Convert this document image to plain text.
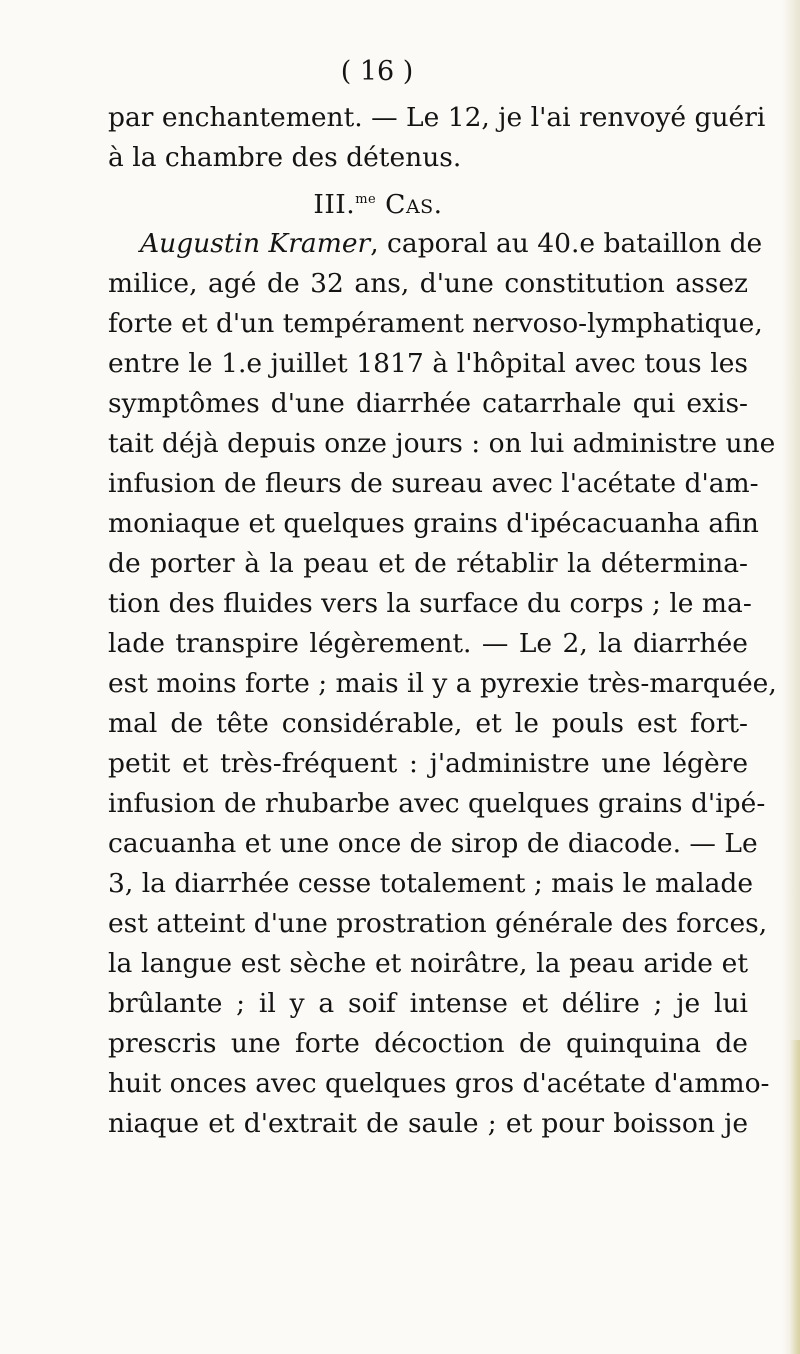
( 16 )
par enchantement. — Le 12, je l'ai renvoyé guéri
à la chambre des détenus.
III.$^{me}$ Cas.
Augustin Kramer, caporal au 40.e bataillon de
milice, agé de 32 ans, d'une constitution assez
forte et d'un tempérament nervoso-lymphatique,
entre le 1.e juillet 1817 à l'hôpital avec tous les
symptômes d'une diarrhée catarrhale qui exis-
tait déjà depuis onze jours : on lui administre une
infusion de fleurs de sureau avec l'acétate d'am-
moniaque et quelques grains d'ipécacuanha afin
de porter à la peau et de rétablir la détermina-
tion des fluides vers la surface du corps ; le ma-
lade transpire légèrement. — Le 2, la diarrhée
est moins forte ; mais il y a pyrexie très-marquée,
mal de tête considérable, et le pouls est fort-
petit et très-fréquent : j'administre une légère
infusion de rhubarbe avec quelques grains d'ipé-
cacuanha et une once de sirop de diacode. — Le
3, la diarrhée cesse totalement ; mais le malade
est atteint d'une prostration générale des forces,
la langue est sèche et noirâtre, la peau aride et
brûlante ; il y a soif intense et délire ; je lui
prescris une forte décoction de quinquina de
huit onces avec quelques gros d'acétate d'ammo-
niaque et d'extrait de saule ; et pour boisson je
